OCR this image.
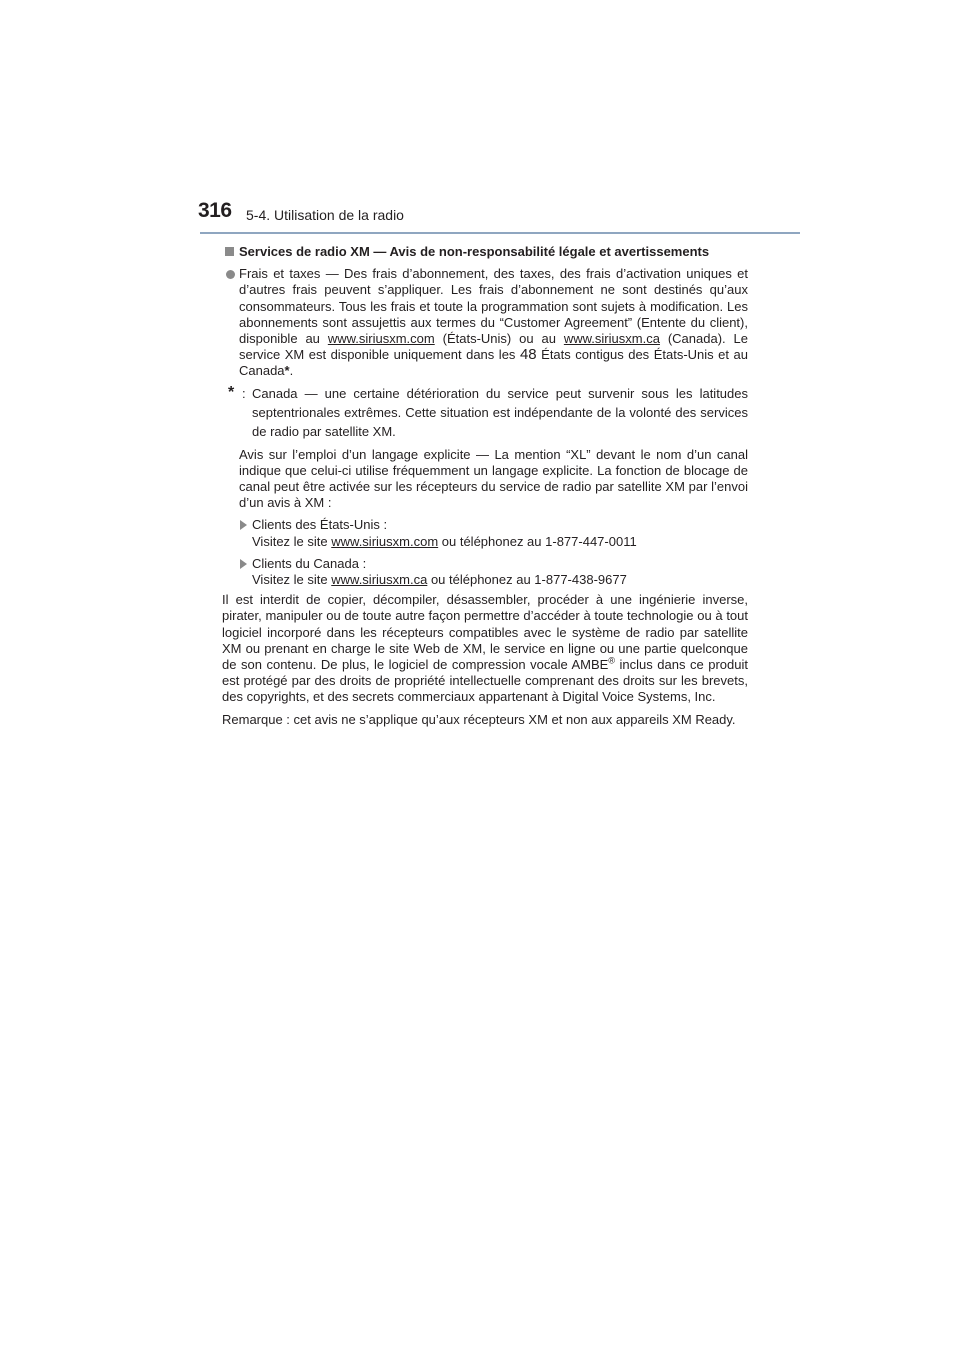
316 5-4. Utilisation de la radio

Services de radio XM — Avis de non-responsabilité légale et avertissements

Frais et taxes — Des frais d’abonnement, des taxes, des frais d’activation uniques et d’autres frais peuvent s’appliquer. Les frais d’abonnement ne sont destinés qu’aux consommateurs. Tous les frais et toute la programmation sont sujets à modification. Les abonnements sont assujettis aux termes du “Customer Agreement” (Entente du client), disponible au www.siriusxm.com (États-Unis) ou au www.siriusxm.ca (Canada). Le service XM est disponible uniquement dans les 48 États contigus des États-Unis et au Canada*.

* : Canada — une certaine détérioration du service peut survenir sous les latitudes septentrionales extrêmes. Cette situation est indépendante de la volonté des services de radio par satellite XM.

Avis sur l’emploi d’un langage explicite — La mention “XL” devant le nom d’un canal indique que celui-ci utilise fréquemment un langage explicite. La fonction de blocage de canal peut être activée sur les récepteurs du service de radio par satellite XM par l’envoi d’un avis à XM :

Clients des États-Unis :
Visitez le site www.siriusxm.com ou téléphonez au 1-877-447-0011
Clients du Canada :
Visitez le site www.siriusxm.ca ou téléphonez au 1-877-438-9677

Il est interdit de copier, décompiler, désassembler, procéder à une ingénierie inverse, pirater, manipuler ou de toute autre façon permettre d’accéder à toute technologie ou à tout logiciel incorporé dans les récepteurs compatibles avec le système de radio par satellite XM ou prenant en charge le site Web de XM, le service en ligne ou une partie quelconque de son contenu. De plus, le logiciel de compression vocale AMBE® inclus dans ce produit est protégé par des droits de propriété intellectuelle comprenant des droits sur les brevets, des copyrights, et des secrets commerciaux appartenant à Digital Voice Systems, Inc.

Remarque : cet avis ne s’applique qu’aux récepteurs XM et non aux appareils XM Ready.
